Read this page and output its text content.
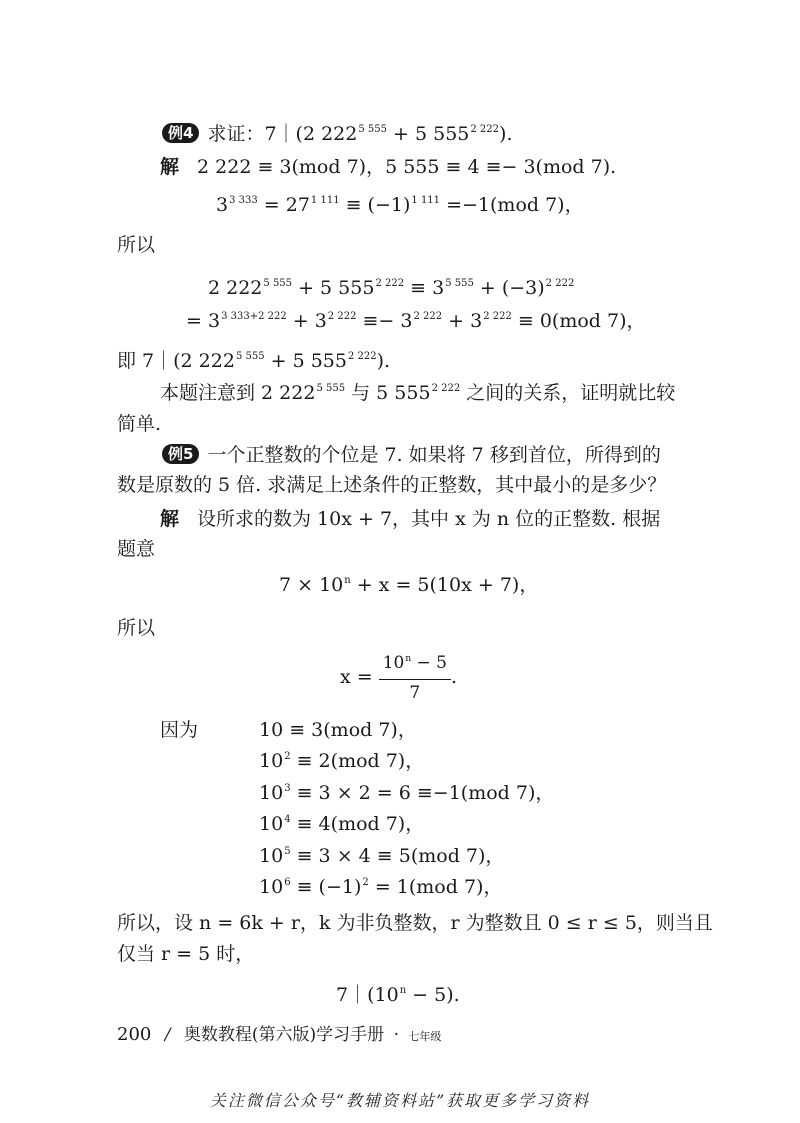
例4 求证：7｜(2 $222^{5 555} + 5$ $555^{2 222}$).
解 2 222 ≡ 3(mod 7)，5 555 ≡ 4 ≡− 3(mod 7).
$3^{3 333} = 27^{1 111} \equiv (-1)^{1 111} =-1(mod$ 7)，
所以
2 $222^{5 555} + 5$ $555^{2 222} \equiv 3^{5 555} + (-3)^{2 222}$
= $3^{3 333+2 222} + 3^{2 222} \equiv- 3^{2 222} + 3^{2 222} \equiv 0(mod$ 7)，
即 7｜(2 $222^{5 555} + 5$ $555^{2 222}$).
本题注意到 2 $222^{5 555}$ 与 5 $555^{2 222}$ 之间的关系，证明就比较
简单.
例5 一个正整数的个位是 7. 如果将 7 移到首位，所得到的
数是原数的 5 倍. 求满足上述条件的正整数，其中最小的是多少？
解 设所求的数为 10x + 7，其中 x 为 n 位的正整数. 根据
题意
$7 \times 10^n + x = 5(10x + 7)$，
所以
$x = \frac{10^n - 5}{7}$ .
因为	10 ≡ 3(mod 7)，
$10^2 \equiv 2(mod$ 7)，
$10^3 \equiv 3 \times 2 = 6 \equiv-1(mod$ 7)，
$10^4 \equiv 4(mod$ 7)，
$10^5 \equiv 3 \times 4 \equiv 5(mod$ 7)，
$10^6 \equiv (-1)^2 = 1(mod$ 7)，
所以，设 n = 6k + r，k 为非负整数，r 为整数且 0 ≤ r ≤ 5，则当且
仅当 r = 5 时，
$7|(10^n - 5)$.
200 / 奥数教程(第六版)学习手册 · 七年级
关注微信公众号“教辅资料站”获取更多学习资料
